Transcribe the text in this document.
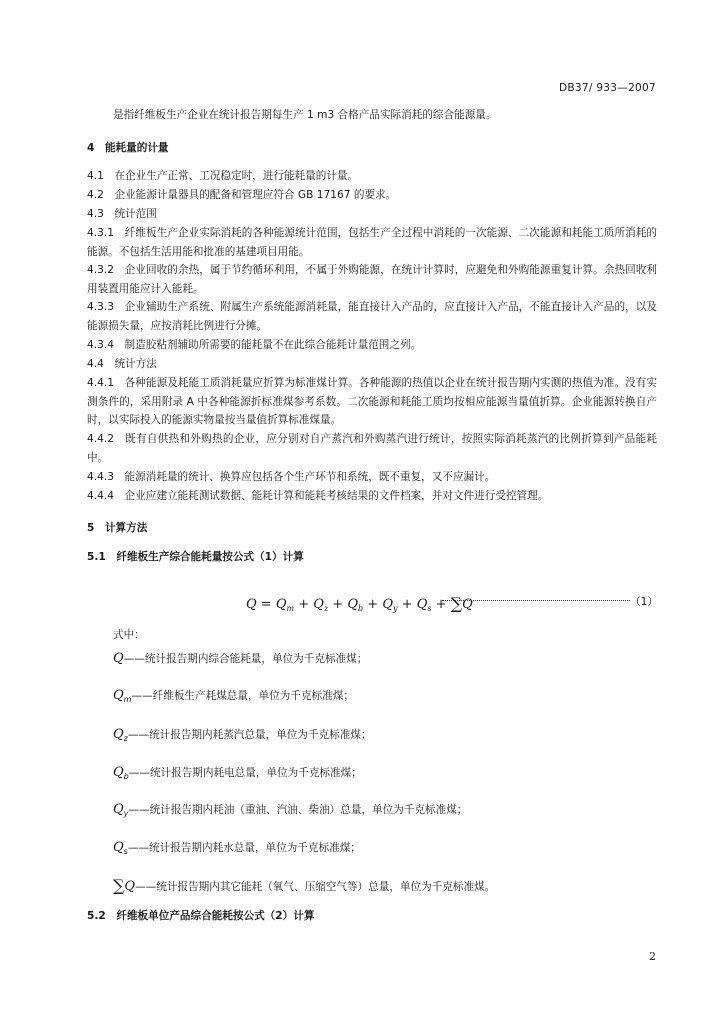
DB37/ 933—2007
是指纤维板生产企业在统计报告期每生产 1 m3 合格产品实际消耗的综合能源量。
4　能耗量的计量
4.1　在企业生产正常、工况稳定时，进行能耗量的计量。
4.2　企业能源计量器具的配备和管理应符合 GB 17167 的要求。
4.3　统计范围
4.3.1　纤维板生产企业实际消耗的各种能源统计范围，包括生产全过程中消耗的一次能源、二次能源和耗能工质所消耗的能源。不包括生活用能和批准的基建项目用能。
4.3.2　企业回收的余热，属于节约循环利用，不属于外购能源，在统计计算时，应避免和外购能源重复计算。余热回收利用装置用能应计入能耗。
4.3.3　企业辅助生产系统、附属生产系统能源消耗量，能直接计入产品的，应直接计入产品，不能直接计入产品的，以及能源损失量，应按消耗比例进行分摊。
4.3.4　制造胶粘剂辅助所需要的能耗量不在此综合能耗计量范围之列。
4.4　统计方法
4.4.1　各种能源及耗能工质消耗量应折算为标准煤计算。各种能源的热值以企业在统计报告期内实测的热值为准。没有实测条件的，采用附录 A 中各种能源折标准煤参考系数。二次能源和耗能工质均按相应能源当量值折算。企业能源转换自产时，以实际投入的能源实物量按当量值折算标准煤量。
4.4.2　既有自供热和外购热的企业，应分别对自产蒸汽和外购蒸汽进行统计，按照实际消耗蒸汽的比例折算到产品能耗中。
4.4.3　能源消耗量的统计、换算应包括各个生产环节和系统，既不重复，又不应漏计。
4.4.4　企业应建立能耗测试数据、能耗计算和能耗考核结果的文件档案，并对文件进行受控管理。
5　计算方法
5.1　纤维板生产综合能耗量按公式（1）计算
$Q = Q_m + Q_z + Q_b + Q_y + Q_s + \sum Q$	（1）
式中：
Q——统计报告期内综合能耗量，单位为千克标准煤；
$Q_m——$纤维板生产耗煤总量，单位为千克标准煤；
$Q_z——$统计报告期内耗蒸汽总量，单位为千克标准煤；
$Q_b——$统计报告期内耗电总量，单位为千克标准煤；
$Q_y——$统计报告期内耗油（重油、汽油、柴油）总量，单位为千克标准煤；
$Q_s——$统计报告期内耗水总量，单位为千克标准煤；
∑Q——统计报告期内其它能耗（氧气、压缩空气等）总量，单位为千克标准煤。
5.2　纤维板单位产品综合能耗按公式（2）计算
2
